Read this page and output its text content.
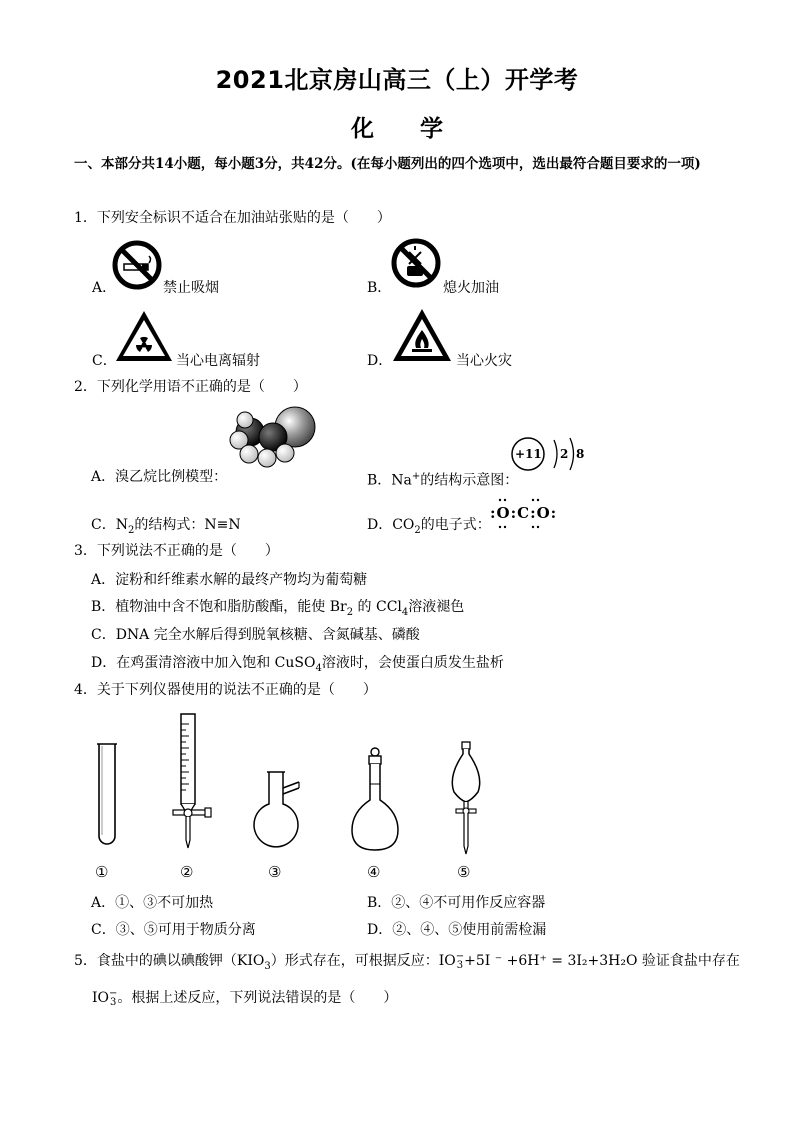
2021北京房山高三（上）开学考
化　　学
一、本部分共14小题，每小题3分，共42分。(在每小题列出的四个选项中，选出最符合题目要求的一项)
1．下列安全标识不适合在加油站张贴的是（　　）
A．	禁止吸烟	B．	熄火加油
C．	当心电离辐射	D．	当心火灾
2．下列化学用语不正确的是（　　）
A．溴乙烷比例模型：	B．Na+的结构示意图：
+11 2 8
C．$N_2$的结构式：N≡N	D．$CO_2$的电子式：
:O:C:O:
3．下列说法不正确的是（　　）
A．淀粉和纤维素水解的最终产物均为葡萄糖
B．植物油中含不饱和脂肪酸酯，能使 $Br_2$ 的 CCl$_4$溶液褪色
C．DNA 完全水解后得到脱氧核糖、含氮碱基、磷酸
D．在鸡蛋清溶液中加入饱和 CuSO$_4$溶液时，会使蛋白质发生盐析
4．关于下列仪器使用的说法不正确的是（　　）
①	②	③	④	⑤
A．①、③不可加热	B．②、④不可用作反应容器
C．③、⑤可用于物质分离	D．②、④、⑤使用前需检漏
5．食盐中的碘以碘酸钾$(KIO_3)$形式存在，可根据反应：IO−
3+5I ⁻ +6H⁺ = 3I₂+3H₂O 验证食盐中存在
IO−
3。根据上述反应，下列说法错误的是（　　）
